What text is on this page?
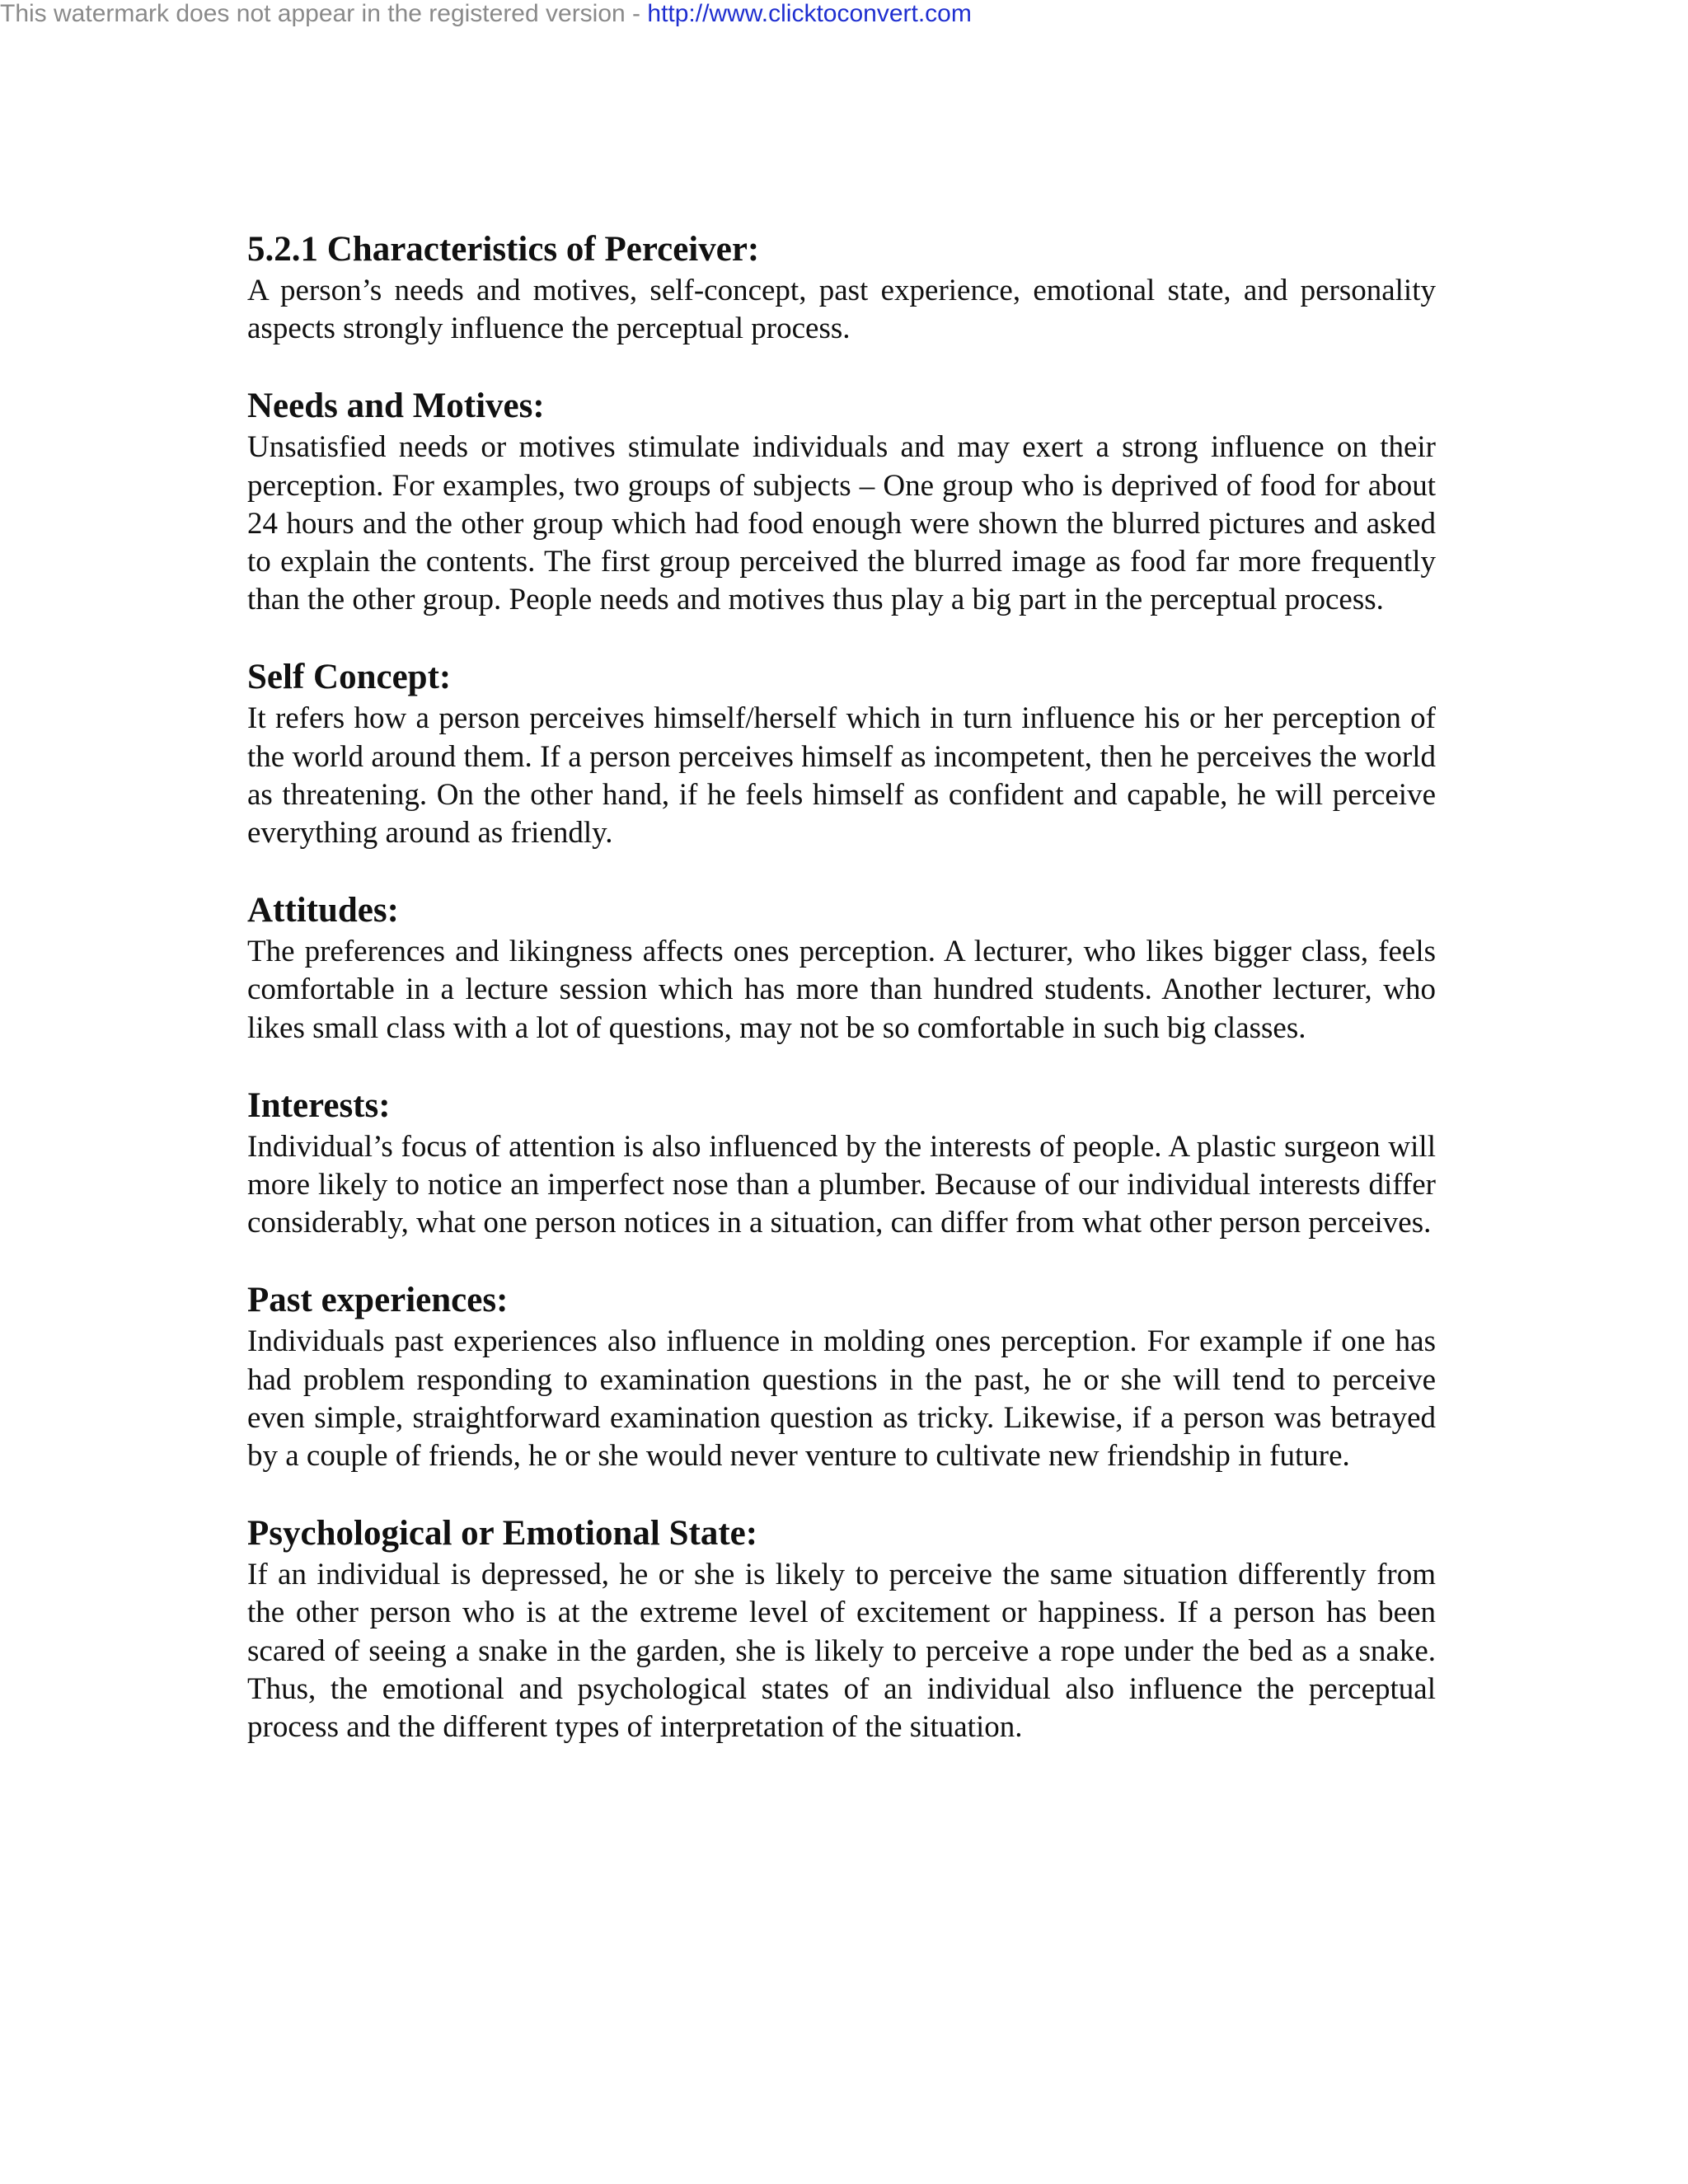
This watermark does not appear in the registered version - http://www.clicktoconvert.com

5.2.1 Characteristics of Perceiver:

A person’s needs and motives, self-concept, past experience, emotional state, and personality aspects strongly influence the perceptual process.

Needs and Motives:

Unsatisfied needs or motives stimulate individuals and may exert a strong influence on their perception. For examples, two groups of subjects – One group who is deprived of food for about 24 hours and the other group which had food enough were shown the blurred pictures and asked to explain the contents. The first group perceived the blurred image as food far more frequently than the other group. People needs and motives thus play a big part in the perceptual process.

Self Concept:

It refers how a person perceives himself/herself which in turn influence his or her perception of the world around them. If a person perceives himself as incompetent, then he perceives the world as threatening. On the other hand, if he feels himself as confident and capable, he will perceive everything around as friendly.

Attitudes:

The preferences and likingness affects ones perception. A lecturer, who likes bigger class, feels comfortable in a lecture session which has more than hundred students. Another lecturer, who likes small class with a lot of questions, may not be so comfortable in such big classes.

Interests:

Individual’s focus of attention is also influenced by the interests of people. A plastic surgeon will more likely to notice an imperfect nose than a plumber. Because of our individual interests differ considerably, what one person notices in a situation, can differ from what other person perceives.

Past experiences:

Individuals past experiences also influence in molding ones perception. For example if one has had problem responding to examination questions in the past, he or she will tend to perceive even simple, straightforward examination question as tricky. Likewise, if a person was betrayed by a couple of friends, he or she would never venture to cultivate new friendship in future.

Psychological or Emotional State:

If an individual is depressed, he or she is likely to perceive the same situation differently from the other person who is at the extreme level of excitement or happiness. If a person has been scared of seeing a snake in the garden, she is likely to perceive a rope under the bed as a snake. Thus, the emotional and psychological states of an individual also influence the perceptual process and the different types of interpretation of the situation.
